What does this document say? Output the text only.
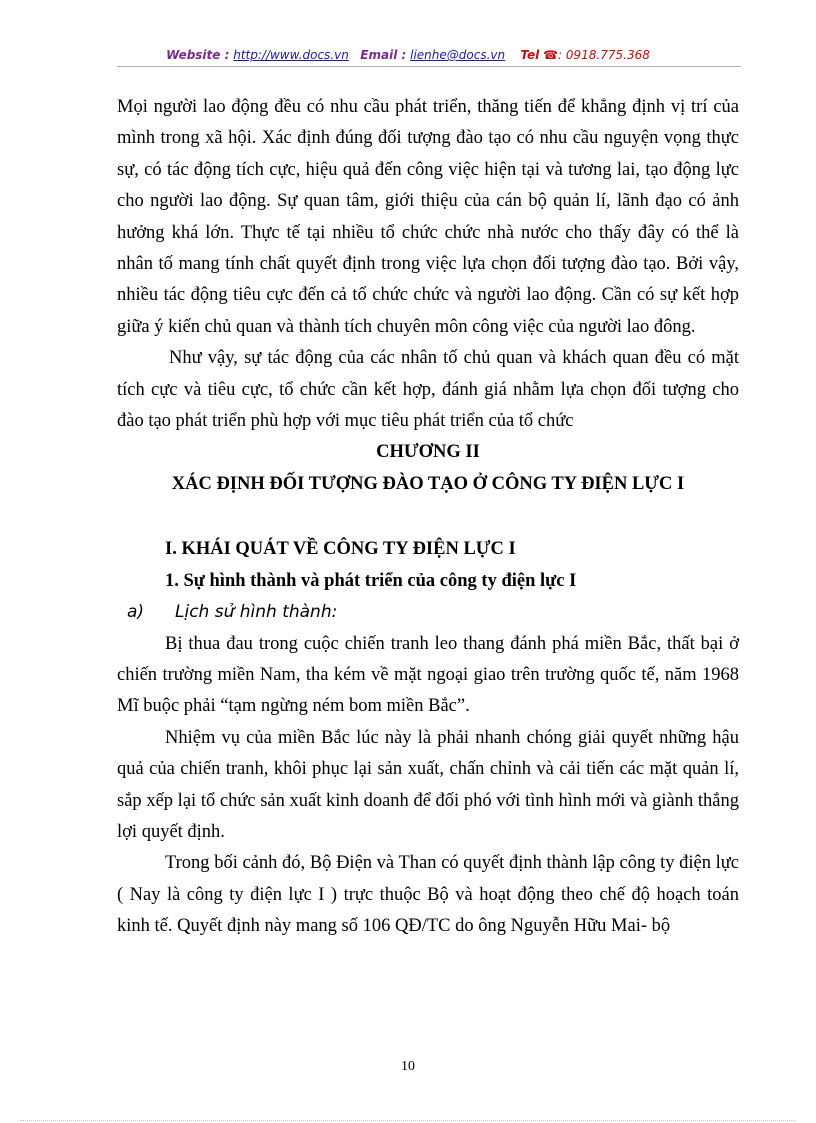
Website : http://www.docs.vn Email : lienhe@docs.vn Tel ☎: 0918.775.368

Mọi người lao động đều có nhu cầu phát triển, thăng tiến để khẳng định vị trí của mình trong xã hội. Xác định đúng đối tượng đào tạo có nhu cầu nguyện vọng thực sự, có tác động tích cực, hiệu quả đến công việc hiện tại và tương lai, tạo động lực cho người lao động. Sự quan tâm, giới thiệu của cán bộ quản lí, lãnh đạo có ảnh hưởng khá lớn. Thực tế tại nhiều tổ chức chức nhà nước cho thấy đây có thể là nhân tố mang tính chất quyết định trong việc lựa chọn đối tượng đào tạo. Bởi vậy, nhiều tác động tiêu cực đến cả tổ chức chức và người lao động. Cần có sự kết hợp giữa ý kiến chủ quan và thành tích chuyên môn công việc của người lao đông.

Như vậy, sự tác động của các nhân tố chủ quan và khách quan đều có mặt tích cực và tiêu cực, tổ chức cần kết hợp, đánh giá nhằm lựa chọn đối tượng cho đào tạo phát triển phù hợp với mục tiêu phát triển của tổ chức

CHƯƠNG II

XÁC ĐỊNH ĐỐI TƯỢNG ĐÀO TẠO Ở CÔNG TY ĐIỆN LỰC I

I. KHÁI QUÁT VỀ CÔNG TY ĐIỆN LỰC I

1. Sự hình thành và phát triển của công ty điện lực I

a) Lịch sử hình thành:

Bị thua đau trong cuộc chiến tranh leo thang đánh phá miền Bắc, thất bại ở chiến trường miền Nam, tha kém về mặt ngoại giao trên trường quốc tế, năm 1968 Mĩ buộc phải “tạm ngừng ném bom miền Bắc”.

Nhiệm vụ của miền Bắc lúc này là phải nhanh chóng giải quyết những hậu quả của chiến tranh, khôi phục lại sản xuất, chấn chỉnh và cải tiến các mặt quản lí, sắp xếp lại tổ chức sản xuất kinh doanh để đối phó với tình hình mới và giành thắng lợi quyết định.

Trong bối cảnh đó, Bộ Điện và Than có quyết định thành lập công ty điện lực ( Nay là công ty điện lực I ) trực thuộc Bộ và hoạt động theo chế độ hoạch toán kinh tế. Quyết định này mang số 106 QĐ/TC do ông Nguyễn Hữu Mai- bộ

10
